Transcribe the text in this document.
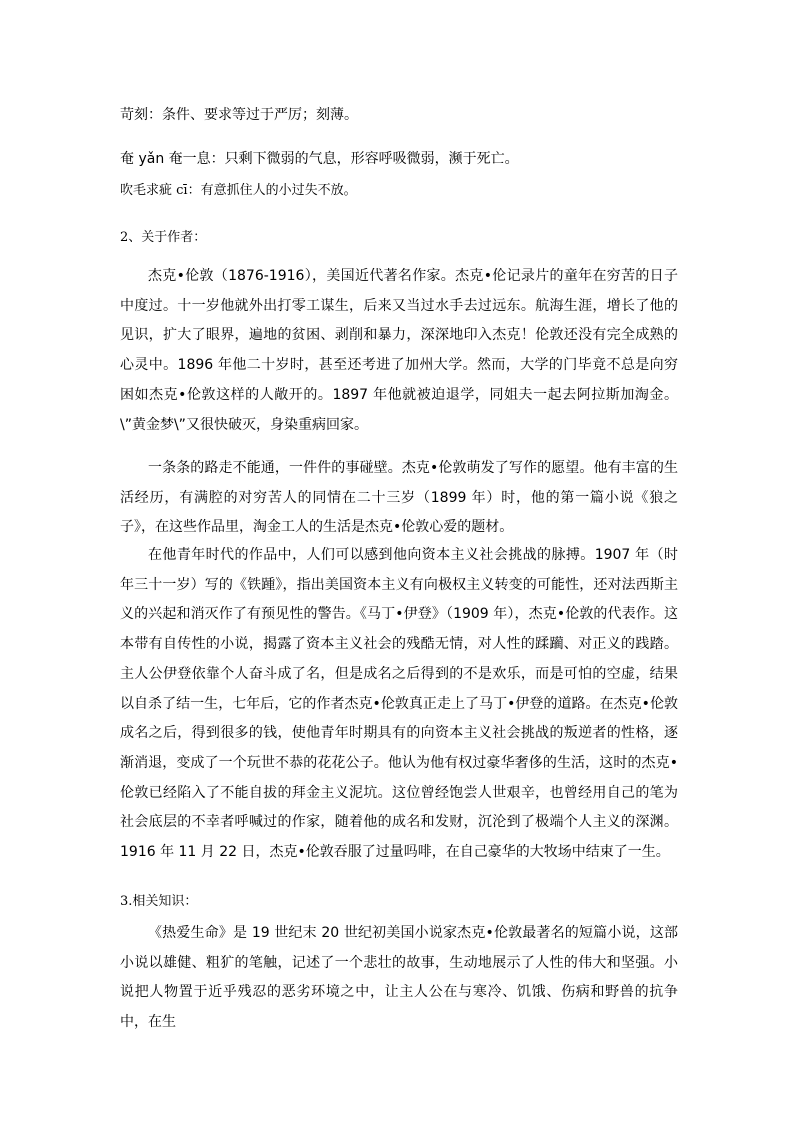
苛刻：条件、要求等过于严厉；刻薄。
奄 yǎn 奄一息：只剩下微弱的气息，形容呼吸微弱，濒于死亡。
吹毛求疵 cī：有意抓住人的小过失不放。
2、关于作者：

杰克•伦敦（1876-1916），美国近代著名作家。杰克•伦记录片的童年在穷苦的日子中度过。十一岁他就外出打零工谋生，后来又当过水手去过远东。航海生涯，增长了他的见识，扩大了眼界，遍地的贫困、剥削和暴力，深深地印入杰克！伦敦还没有完全成熟的心灵中。1896 年他二十岁时，甚至还考进了加州大学。然而，大学的门毕竟不总是向穷困如杰克•伦敦这样的人敞开的。1897 年他就被迫退学，同姐夫一起去阿拉斯加淘金。\”黄金梦\”又很快破灭，身染重病回家。

一条条的路走不能通，一件件的事碰壁。杰克•伦敦萌发了写作的愿望。他有丰富的生活经历，有满腔的对穷苦人的同情在二十三岁（1899 年）时，他的第一篇小说《狼之子》，在这些作品里，淘金工人的生活是杰克•伦敦心爱的题材。

在他青年时代的作品中，人们可以感到他向资本主义社会挑战的脉搏。1907 年（时年三十一岁）写的《铁踵》，指出美国资本主义有向极权主义转变的可能性，还对法西斯主义的兴起和消灭作了有预见性的警告。《马丁•伊登》（1909 年），杰克•伦敦的代表作。这本带有自传性的小说，揭露了资本主义社会的残酷无情，对人性的蹂躏、对正义的践踏。主人公伊登依靠个人奋斗成了名，但是成名之后得到的不是欢乐，而是可怕的空虚，结果以自杀了结一生，七年后，它的作者杰克•伦敦真正走上了马丁•伊登的道路。在杰克•伦敦成名之后，得到很多的钱，使他青年时期具有的向资本主义社会挑战的叛逆者的性格，逐渐消退，变成了一个玩世不恭的花花公子。他认为他有权过豪华奢侈的生活，这时的杰克•伦敦已经陷入了不能自拔的拜金主义泥坑。这位曾经饱尝人世艰辛，也曾经用自己的笔为社会底层的不幸者呼喊过的作家，随着他的成名和发财，沉沦到了极端个人主义的深渊。1916 年 11 月 22 日，杰克•伦敦吞服了过量吗啡，在自己豪华的大牧场中结束了一生。

3.相关知识：

《热爱生命》是 19 世纪末 20 世纪初美国小说家杰克•伦敦最著名的短篇小说，这部小说以雄健、粗犷的笔触，记述了一个悲壮的故事，生动地展示了人性的伟大和坚强。小说把人物置于近乎残忍的恶劣环境之中，让主人公在与寒冷、饥饿、伤病和野兽的抗争中，在生
